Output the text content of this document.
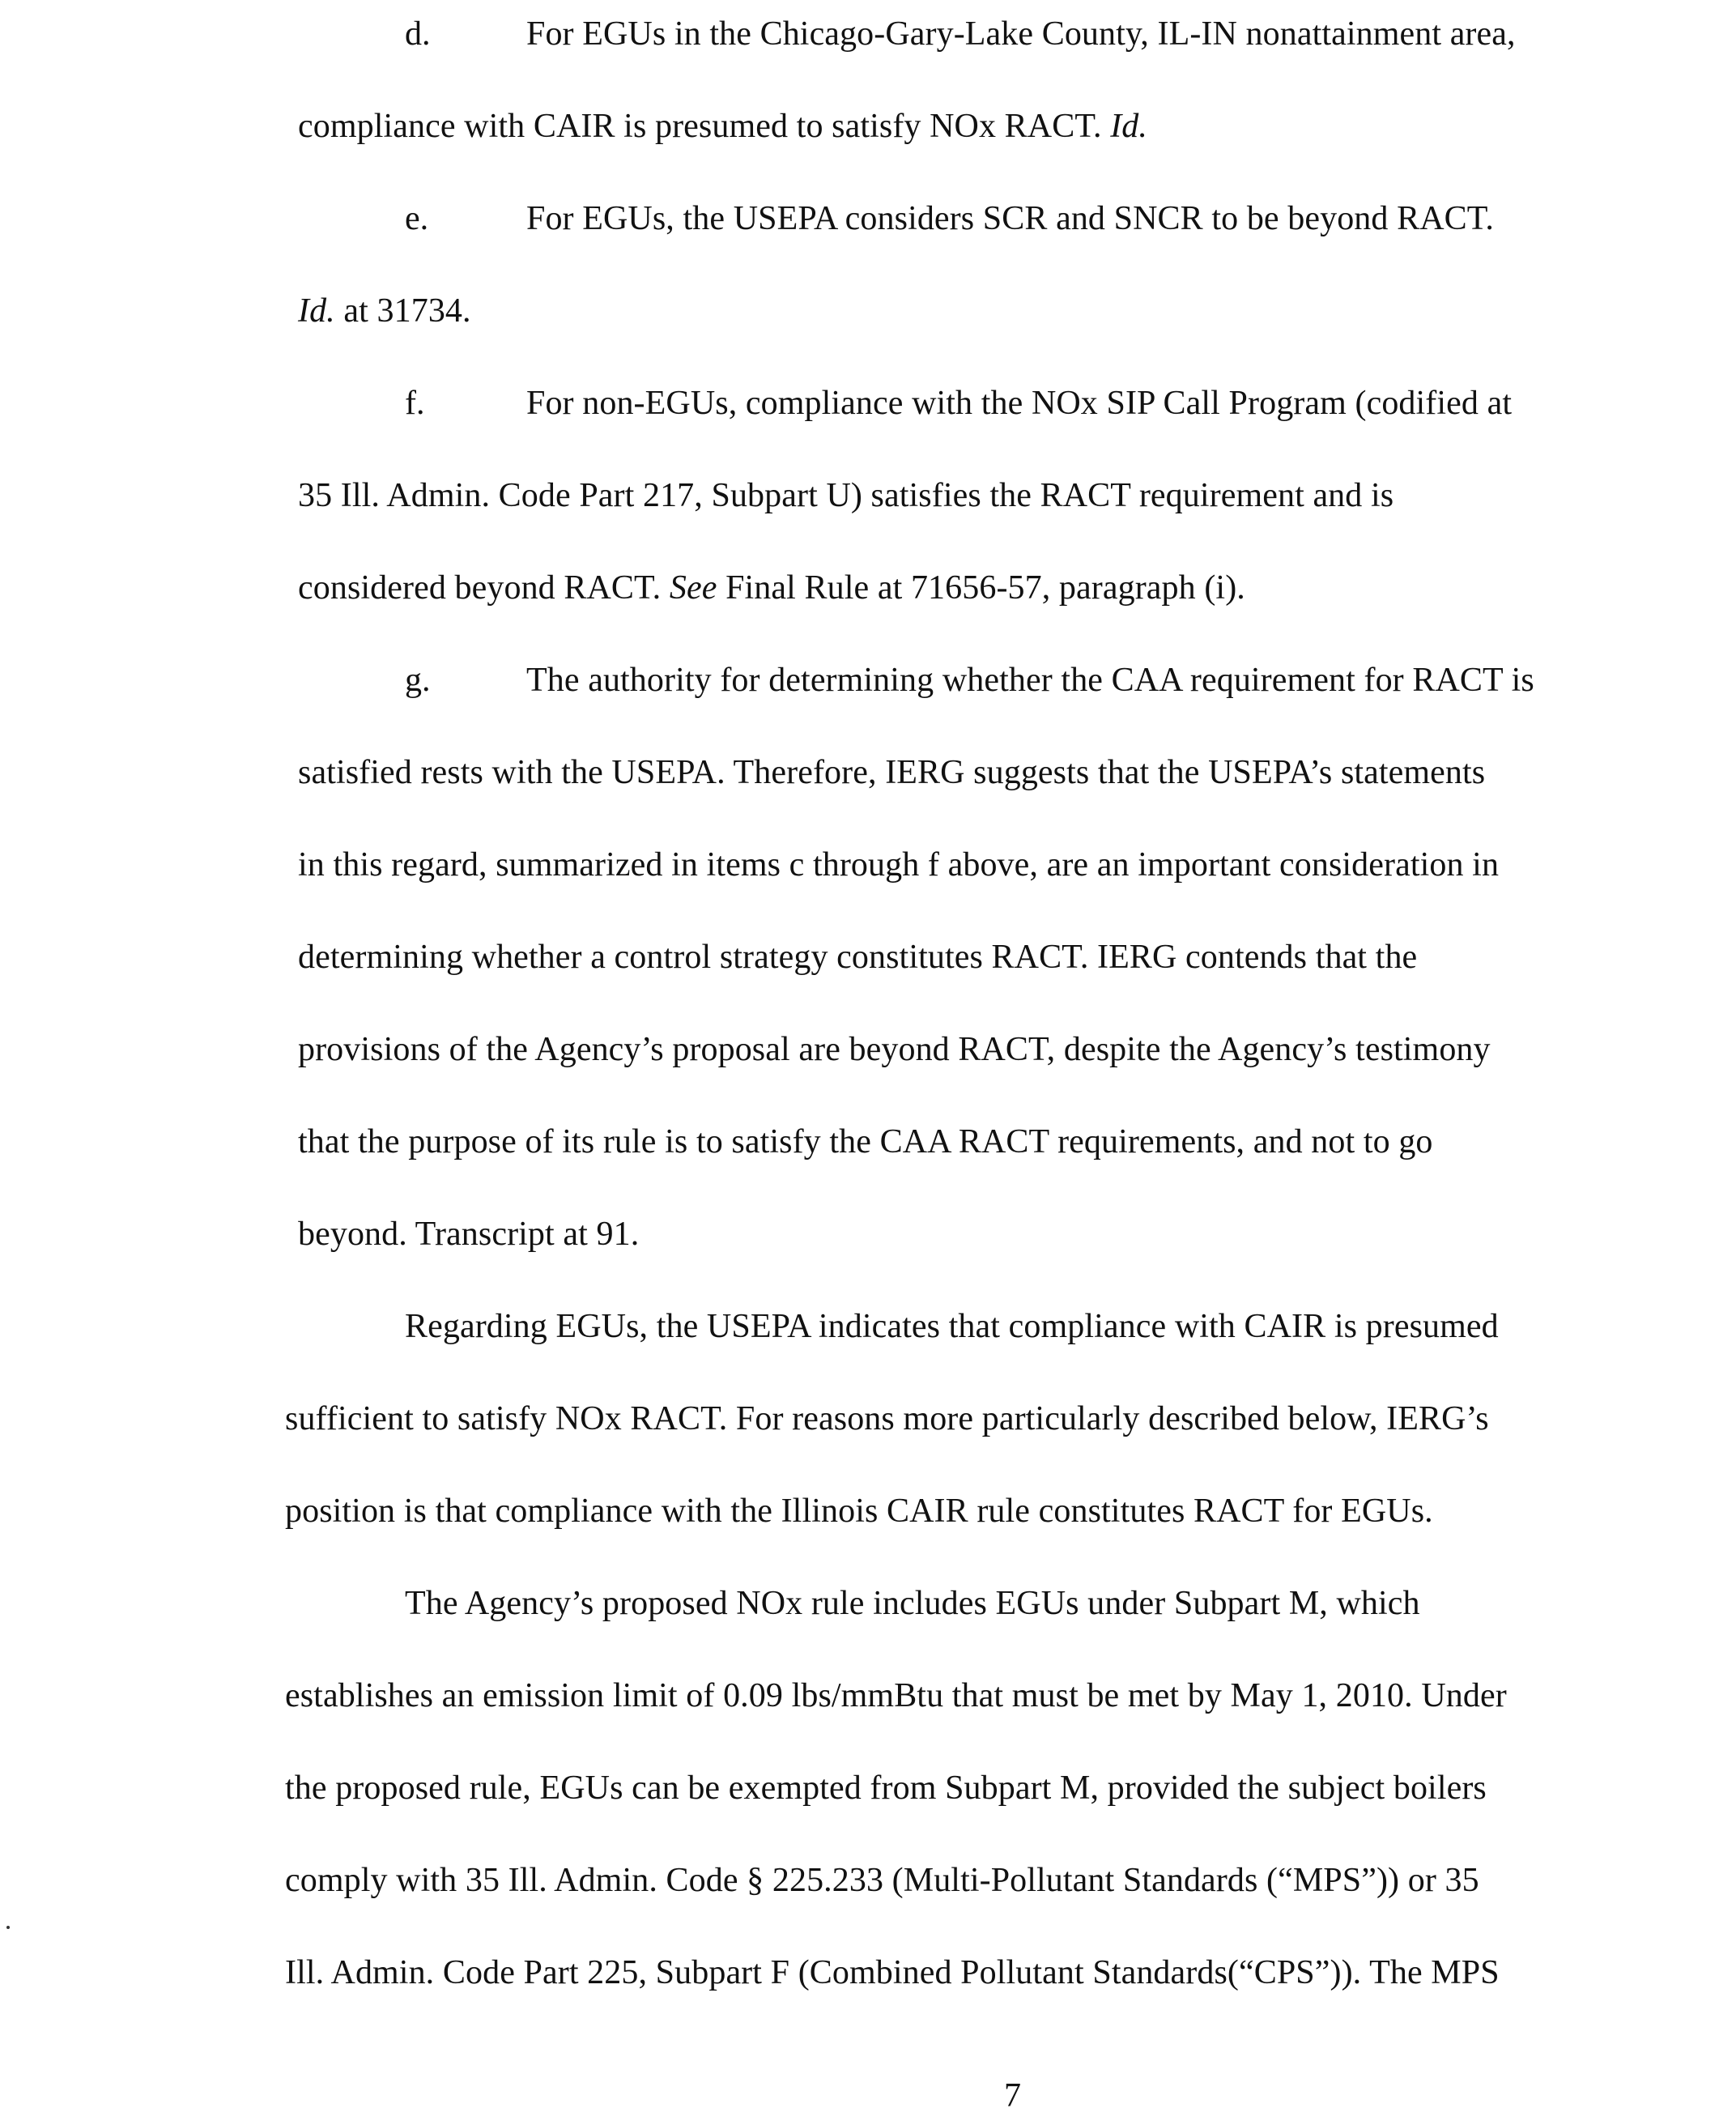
d.	For EGUs in the Chicago-Gary-Lake County, IL-IN nonattainment area,
compliance with CAIR is presumed to satisfy NOx RACT. Id.
e.	For EGUs, the USEPA considers SCR and SNCR to be beyond RACT.
Id. at 31734.
f.	For non-EGUs, compliance with the NOx SIP Call Program (codified at
35 Ill. Admin. Code Part 217, Subpart U) satisfies the RACT requirement and is
considered beyond RACT. See Final Rule at 71656-57, paragraph (i).
g.	The authority for determining whether the CAA requirement for RACT is
satisfied rests with the USEPA. Therefore, IERG suggests that the USEPA’s statements
in this regard, summarized in items c through f above, are an important consideration in
determining whether a control strategy constitutes RACT. IERG contends that the
provisions of the Agency’s proposal are beyond RACT, despite the Agency’s testimony
that the purpose of its rule is to satisfy the CAA RACT requirements, and not to go
beyond. Transcript at 91.
Regarding EGUs, the USEPA indicates that compliance with CAIR is presumed
sufficient to satisfy NOx RACT. For reasons more particularly described below, IERG’s
position is that compliance with the Illinois CAIR rule constitutes RACT for EGUs.
The Agency’s proposed NOx rule includes EGUs under Subpart M, which
establishes an emission limit of 0.09 lbs/mmBtu that must be met by May 1, 2010. Under
the proposed rule, EGUs can be exempted from Subpart M, provided the subject boilers
comply with 35 Ill. Admin. Code § 225.233 (Multi-Pollutant Standards (“MPS”)) or 35
Ill. Admin. Code Part 225, Subpart F (Combined Pollutant Standards(“CPS”)). The MPS
7
